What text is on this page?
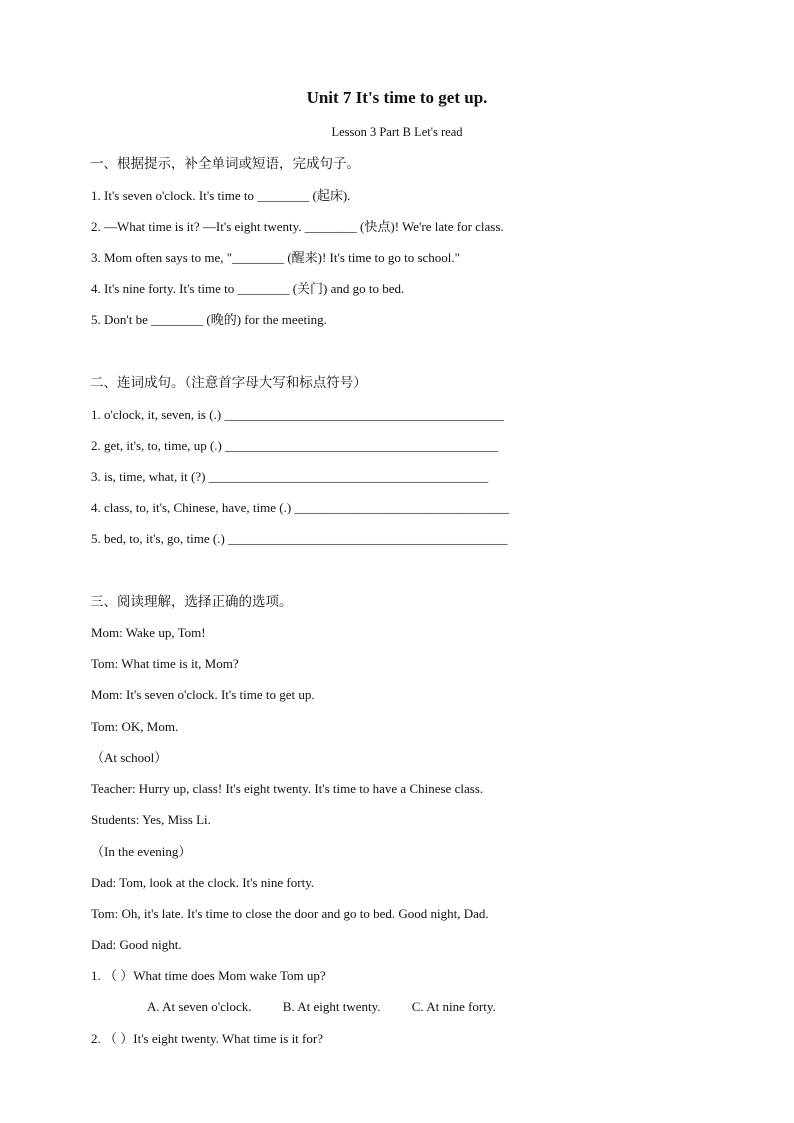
Unit 7 It's time to get up.
Lesson 3 Part B Let's read
一、根据提示，补全单词或短语，完成句子。
1. It's seven o'clock. It's time to ________ (起床).
2. —What time is it? —It's eight twenty. ________ (快点)! We're late for class.
3. Mom often says to me, "________ (醒来)! It's time to go to school."
4. It's nine forty. It's time to ________ (关门) and go to bed.
5. Don't be ________ (晚的) for the meeting.
二、连词成句。（注意首字母大写和标点符号）
1. o'clock, it, seven, is (.) ___________________________________________
2. get, it's, to, time, up (.) __________________________________________
3. is, time, what, it (?) ___________________________________________
4. class, to, it's, Chinese, have, time (.) _________________________________
5. bed, to, it's, go, time (.) ___________________________________________
三、阅读理解，选择正确的选项。
Mom: Wake up, Tom!
Tom: What time is it, Mom?
Mom: It's seven o'clock. It's time to get up.
Tom: OK, Mom.
（At school）
Teacher: Hurry up, class! It's eight twenty. It's time to have a Chinese class.
Students: Yes, Miss Li.
（In the evening）
Dad: Tom, look at the clock. It's nine forty.
Tom: Oh, it's late. It's time to close the door and go to bed. Good night, Dad.
Dad: Good night.
1. （ ）What time does Mom wake Tom up?
A. At seven o'clock. B. At eight twenty. C. At nine forty.
2. （ ）It's eight twenty. What time is it for?
